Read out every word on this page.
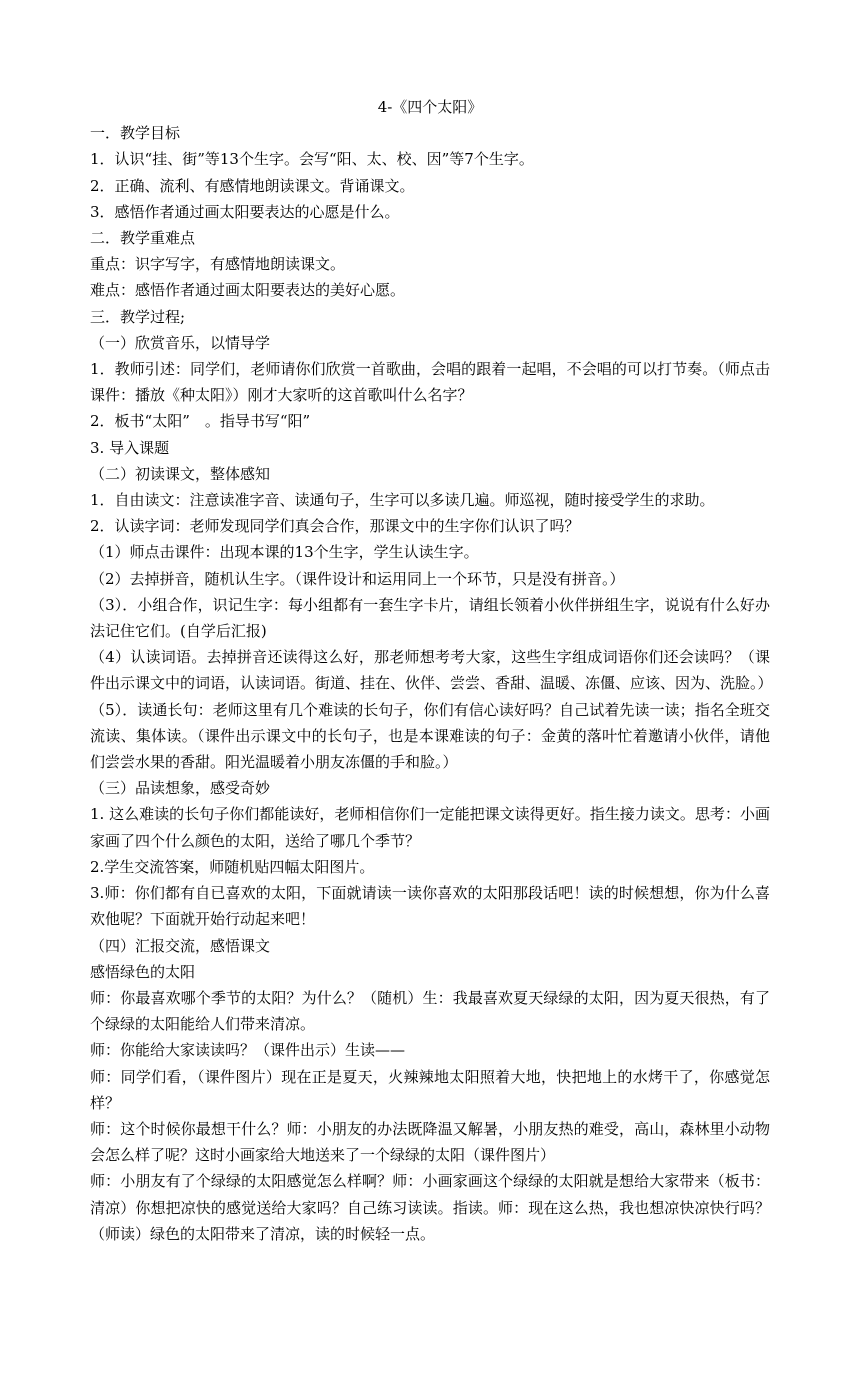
4-《四个太阳》

一．教学目标

1．认识“挂、街”等13个生字。会写“阳、太、校、因”等7个生字。

2．正确、流利、有感情地朗读课文。背诵课文。

3．感悟作者通过画太阳要表达的心愿是什么。

二．教学重难点

重点：识字写字，有感情地朗读课文。

难点：感悟作者通过画太阳要表达的美好心愿。

三．教学过程;

（一）欣赏音乐，以情导学

1．教师引述：同学们，老师请你们欣赏一首歌曲，会唱的跟着一起唱，不会唱的可以打节奏。（师点击课件：播放《种太阳》）刚才大家听的这首歌叫什么名字？

2．板书“太阳”　。指导书写“阳”

3. 导入课题

（二）初读课文，整体感知

1．自由读文：注意读准字音、读通句子，生字可以多读几遍。师巡视，随时接受学生的求助。

2．认读字词：老师发现同学们真会合作，那课文中的生字你们认识了吗？

（1）师点击课件：出现本课的13个生字，学生认读生字。

（2）去掉拼音，随机认生字。（课件设计和运用同上一个环节，只是没有拼音。）

（3）．小组合作，识记生字：每小组都有一套生字卡片，请组长领着小伙伴拼组生字，说说有什么好办法记住它们。(自学后汇报)

（4）认读词语。去掉拼音还读得这么好，那老师想考考大家，这些生字组成词语你们还会读吗？（课件出示课文中的词语，认读词语。街道、挂在、伙伴、尝尝、香甜、温暖、冻僵、应该、因为、洗脸。）

（5）．读通长句：老师这里有几个难读的长句子，你们有信心读好吗？自己试着先读一读；指名全班交流读、集体读。（课件出示课文中的长句子，也是本课难读的句子：金黄的落叶忙着邀请小伙伴，请他们尝尝水果的香甜。阳光温暖着小朋友冻僵的手和脸。）

（三）品读想象，感受奇妙

1. 这么难读的长句子你们都能读好，老师相信你们一定能把课文读得更好。指生接力读文。思考：小画家画了四个什么颜色的太阳，送给了哪几个季节？

2.学生交流答案，师随机贴四幅太阳图片。

3.师：你们都有自已喜欢的太阳，下面就请读一读你喜欢的太阳那段话吧！读的时候想想，你为什么喜欢他呢？下面就开始行动起来吧！

（四）汇报交流，感悟课文

感悟绿色的太阳

师：你最喜欢哪个季节的太阳？为什么？（随机）生：我最喜欢夏天绿绿的太阳，因为夏天很热，有了个绿绿的太阳能给人们带来清凉。

师：你能给大家读读吗？（课件出示）生读——

师：同学们看，（课件图片）现在正是夏天，火辣辣地太阳照着大地，快把地上的水烤干了，你感觉怎样？

师：这个时候你最想干什么？师：小朋友的办法既降温又解暑，小朋友热的难受，高山，森林里小动物会怎么样了呢？这时小画家给大地送来了一个绿绿的太阳（课件图片）

师：小朋友有了个绿绿的太阳感觉怎么样啊？师：小画家画这个绿绿的太阳就是想给大家带来（板书：清凉）你想把凉快的感觉送给大家吗？自己练习读读。指读。师：现在这么热，我也想凉快凉快行吗？（师读）绿色的太阳带来了清凉，读的时候轻一点。
